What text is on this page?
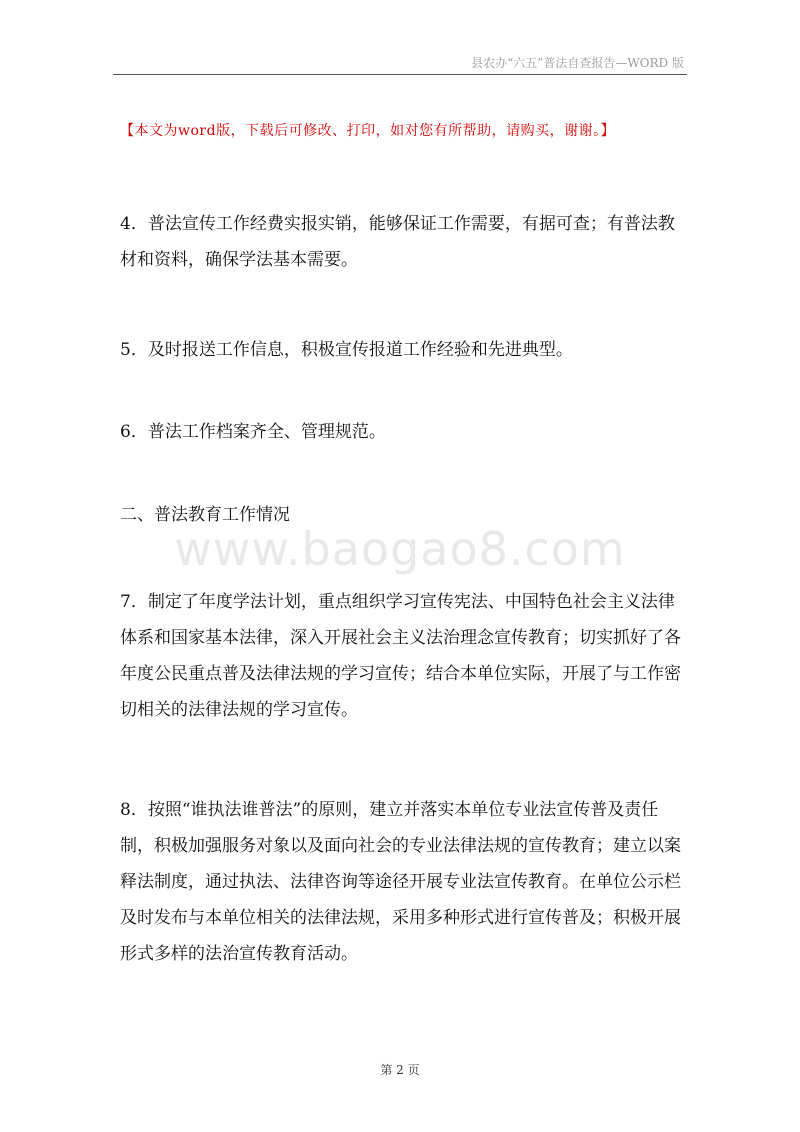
县农办“六五”普法自查报告—WORD 版
【本文为word版，下载后可修改、打印，如对您有所帮助，请购买，谢谢。】
www.baogao8.com

4．普法宣传工作经费实报实销，能够保证工作需要，有据可查；有普法教材和资料，确保学法基本需要。

5．及时报送工作信息，积极宣传报道工作经验和先进典型。

6．普法工作档案齐全、管理规范。

二、普法教育工作情况

7．制定了年度学法计划，重点组织学习宣传宪法、中国特色社会主义法律体系和国家基本法律，深入开展社会主义法治理念宣传教育；切实抓好了各年度公民重点普及法律法规的学习宣传；结合本单位实际，开展了与工作密切相关的法律法规的学习宣传。

8．按照“谁执法谁普法”的原则，建立并落实本单位专业法宣传普及责任制，积极加强服务对象以及面向社会的专业法律法规的宣传教育；建立以案释法制度，通过执法、法律咨询等途径开展专业法宣传教育。在单位公示栏及时发布与本单位相关的法律法规，采用多种形式进行宣传普及；积极开展形式多样的法治宣传教育活动。

第 2 页
